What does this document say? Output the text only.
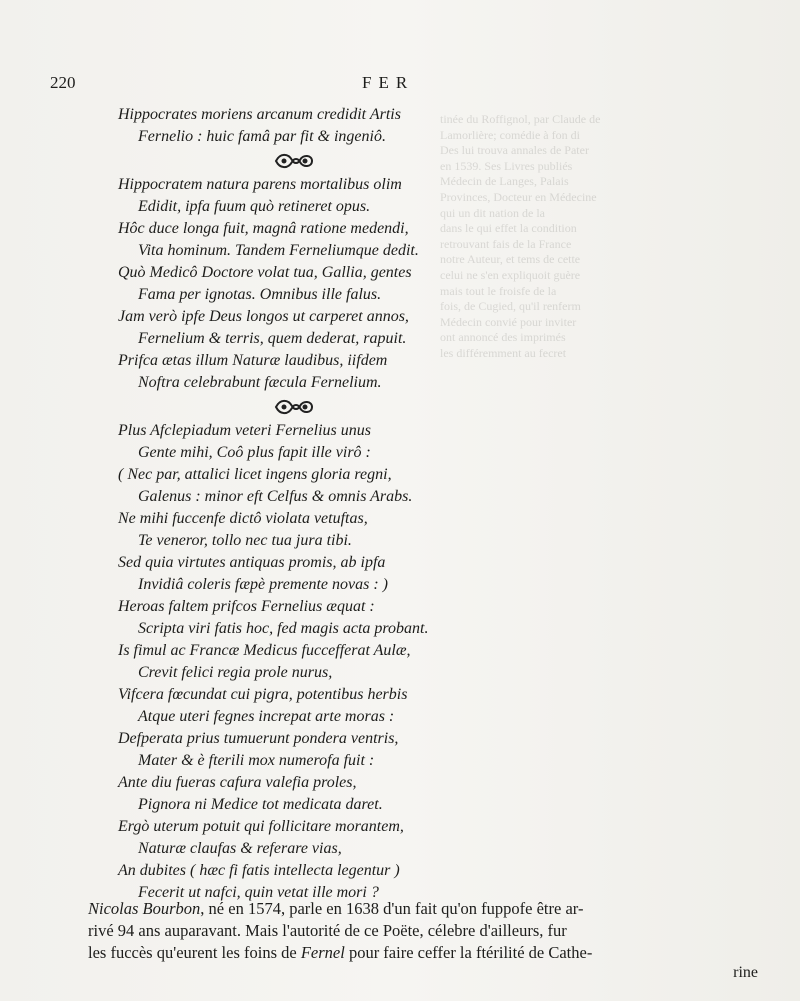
tinée du Roffignol, par Claude de
Lamorlière; comédie à fon di
Des lui trouva annales de Pater
en 1539. Ses Livres publiés
Médecin de Langes, Palais
Provinces, Docteur en Médecine
qui un dit nation de la
dans le qui effet la condition
retrouvant fais de la France
notre Auteur, et tems de cette
celui ne s'en expliquoit guère
mais tout le froisfe de la
fois, de Cugied, qu'il renferm
Médecin convié pour inviter
ont annoncé des imprimés
les différemment au fecret
220	FER
Hippocrates moriens arcanum credidit Artis
Fernelio : huic famâ par fit & ingeniô.
Hippocratem natura parens mortalibus olim
Edidit, ipfa fuum quò retineret opus.
Hôc duce longa fuit, magnâ ratione medendi,
Vita hominum. Tandem Ferneliumque dedit.
Quò Medicô Doctore volat tua, Gallia, gentes
Fama per ignotas. Omnibus ille falus.
Jam verò ipfe Deus longos ut carperet annos,
Fernelium & terris, quem dederat, rapuit.
Prifca ætas illum Naturæ laudibus, iifdem
Noftra celebrabunt fæcula Fernelium.
Plus Afclepiadum veteri Fernelius unus
Gente mihi, Coô plus fapit ille virô :
( Nec par, attalici licet ingens gloria regni,
Galenus : minor eft Celfus & omnis Arabs.
Ne mihi fuccenfe dictô violata vetuftas,
Te veneror, tollo nec tua jura tibi.
Sed quia virtutes antiquas promis, ab ipfa
Invidiâ coleris fæpè premente novas : )
Heroas faltem prifcos Fernelius æquat :
Scripta viri fatis hoc, fed magis acta probant.
Is fimul ac Francæ Medicus fuccefferat Aulæ,
Crevit felici regia prole nurus,
Vifcera fœcundat cui pigra, potentibus herbis
Atque uteri fegnes increpat arte moras :
Defperata prius tumuerunt pondera ventris,
Mater & è fterili mox numerofa fuit :
Ante diu fueras cafura valefia proles,
Pignora ni Medice tot medicata daret.
Ergò uterum potuit qui follicitare morantem,
Naturæ claufas & referare vias,
An dubites ( hæc fi fatis intellecta legentur )
Fecerit ut nafci, quin vetat ille mori ?

Nicolas Bourbon, né en 1574, parle en 1638 d'un fait qu'on fuppofe être ar-

rivé 94 ans auparavant. Mais l'autorité de ce Poëte, célebre d'ailleurs, fur

les fuccès qu'eurent les foins de Fernel pour faire ceffer la ftérilité de Cathe-

rine
